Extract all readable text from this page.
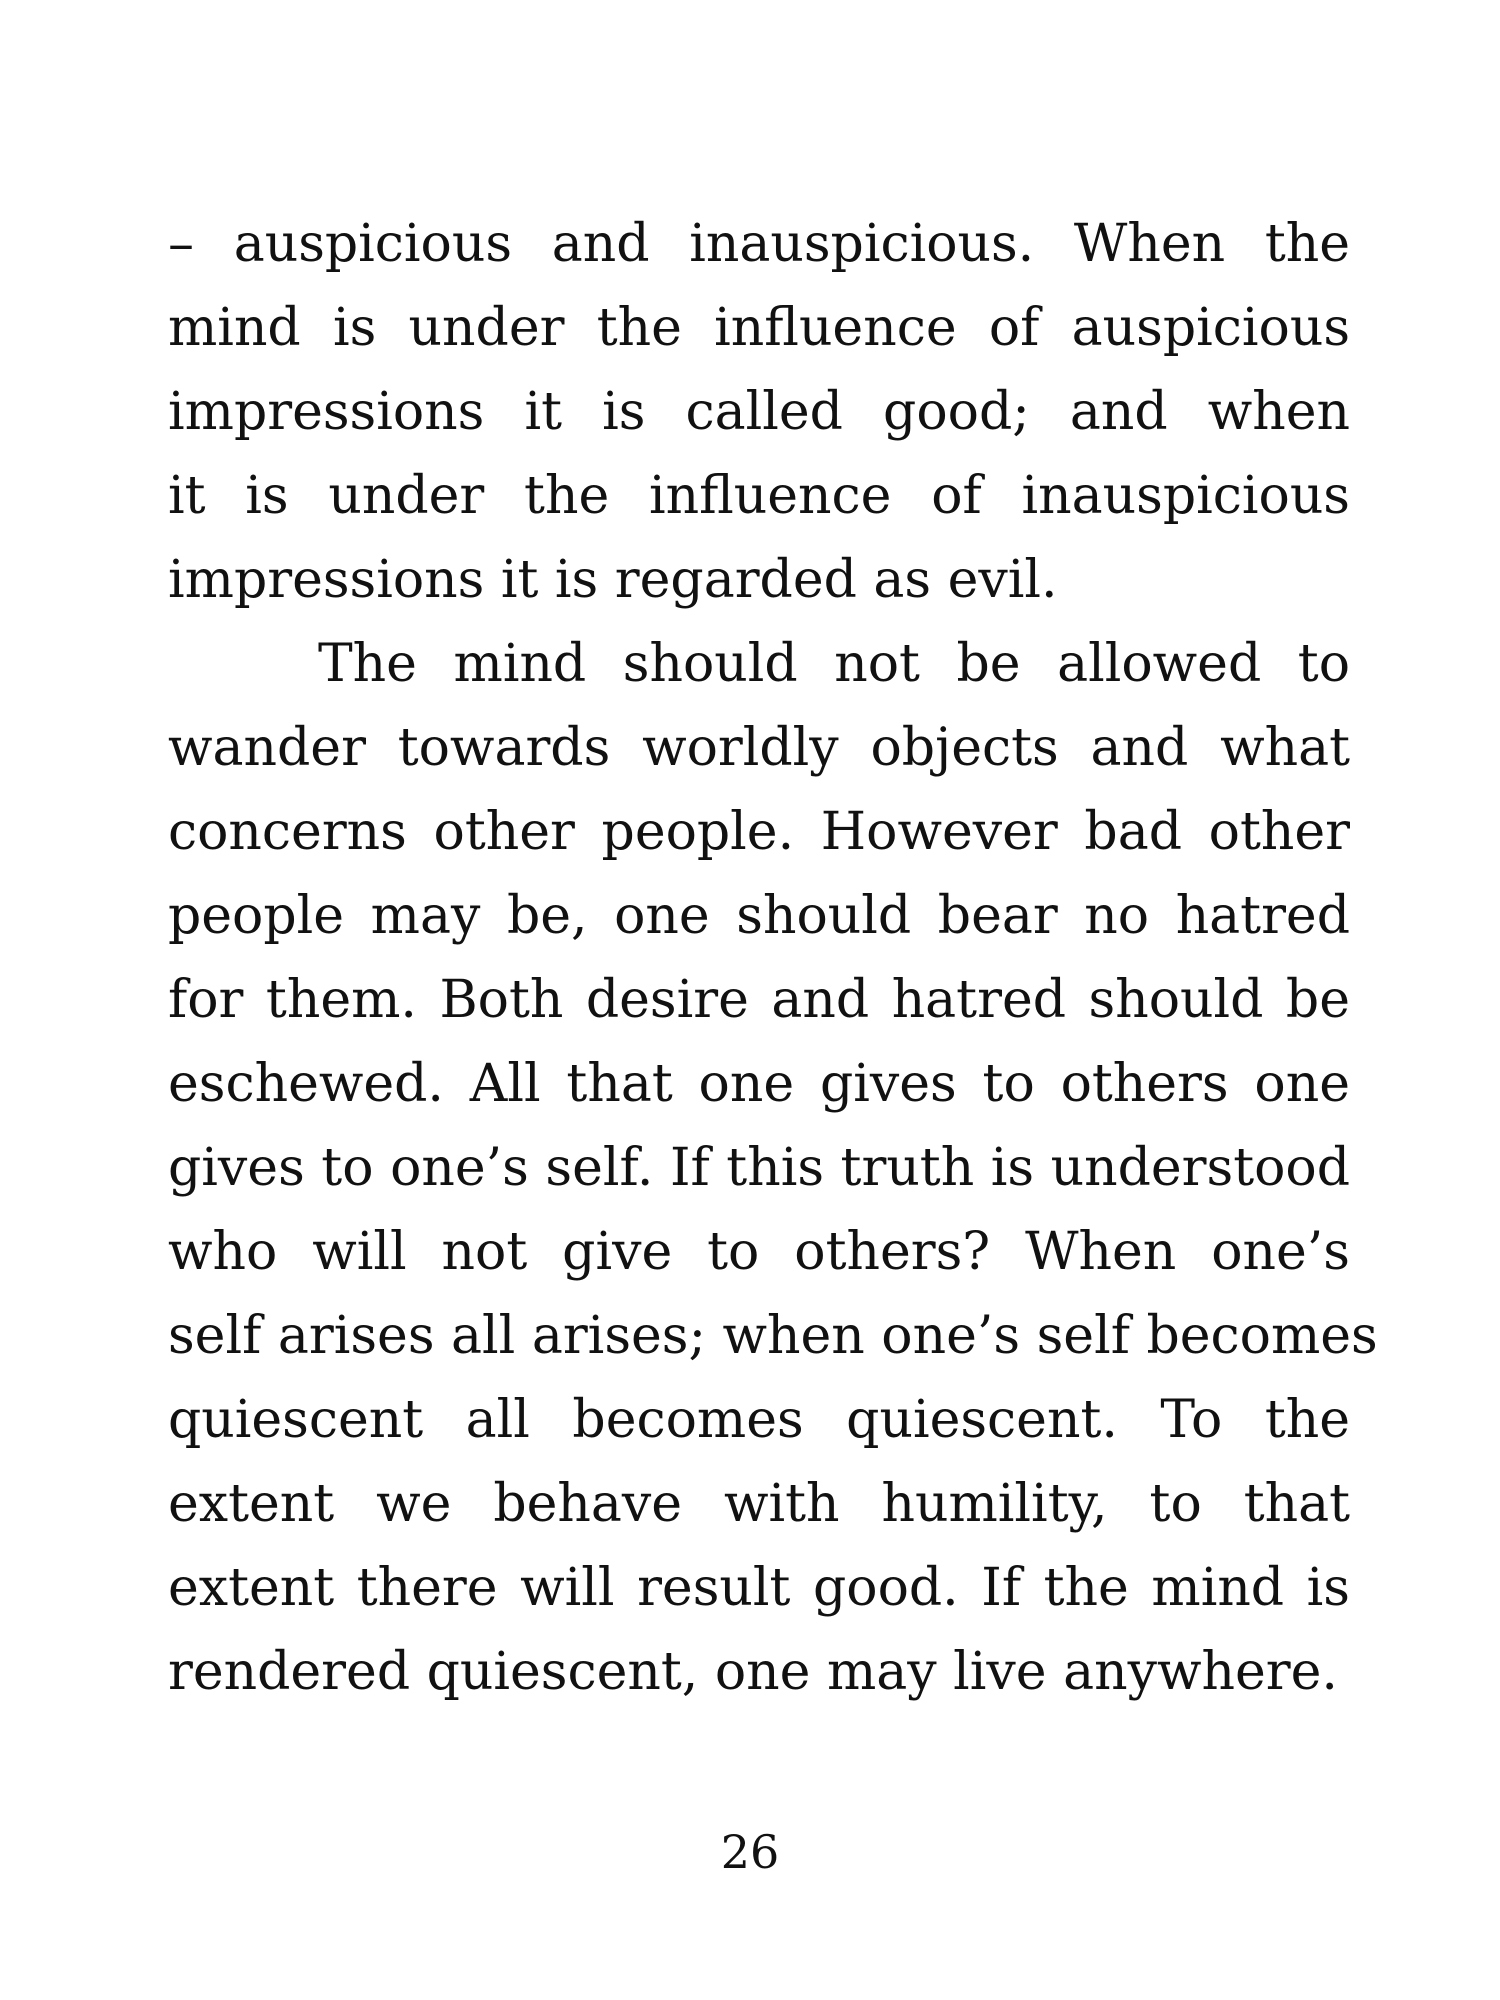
– auspicious and inauspicious. When the
mind is under the influence of auspicious
impressions it is called good; and when
it is under the influence of inauspicious
impressions it is regarded as evil.
The mind should not be allowed to
wander towards worldly objects and what
concerns other people. However bad other
people may be, one should bear no hatred
for them. Both desire and hatred should be
eschewed. All that one gives to others one
gives to one’s self. If this truth is understood
who will not give to others? When one’s
self arises all arises; when one’s self becomes
quiescent all becomes quiescent. To the
extent we behave with humility, to that
extent there will result good. If the mind is
rendered quiescent, one may live anywhere.
26
